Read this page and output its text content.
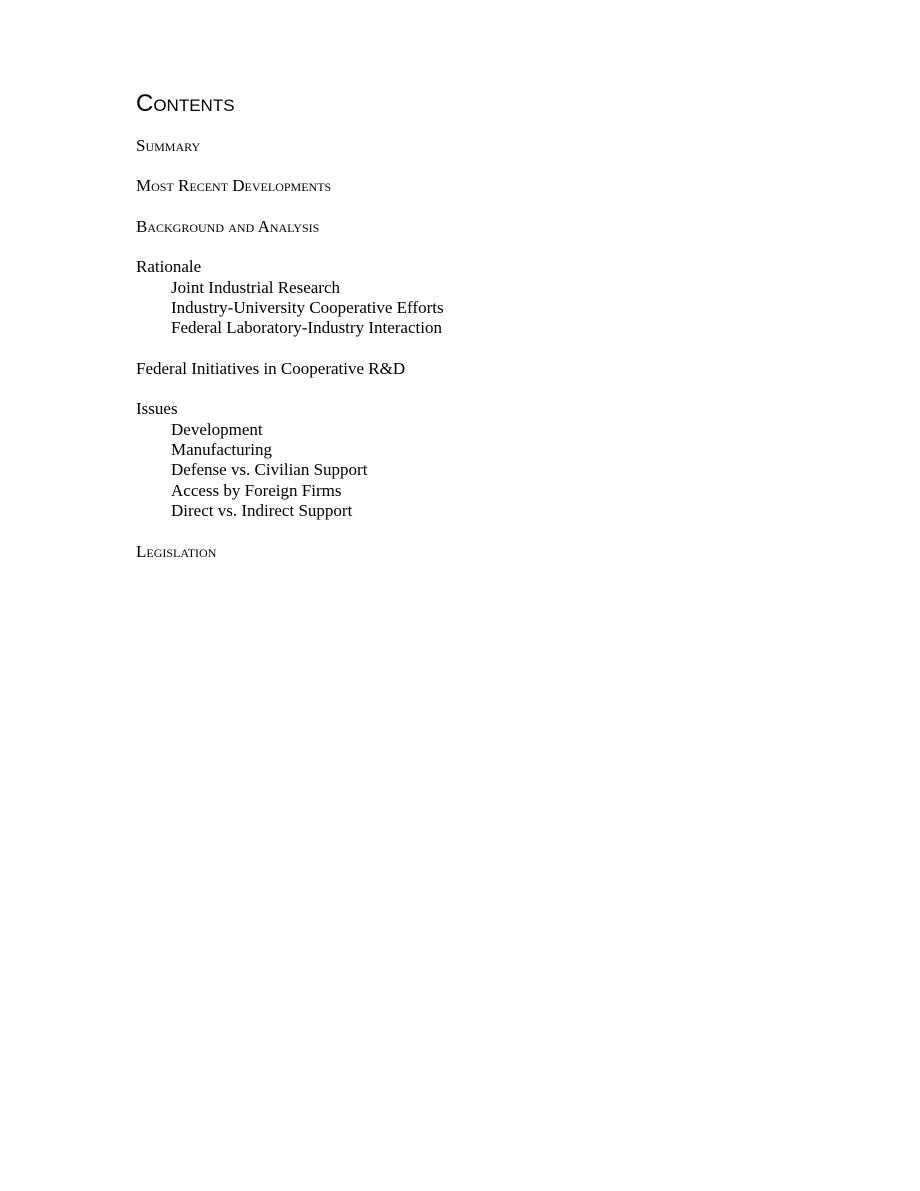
Contents

Summary

Most Recent Developments

Background and Analysis

Rationale

Joint Industrial Research

Industry-University Cooperative Efforts

Federal Laboratory-Industry Interaction

Federal Initiatives in Cooperative R&D

Issues

Development

Manufacturing

Defense vs. Civilian Support

Access by Foreign Firms

Direct vs. Indirect Support

Legislation
